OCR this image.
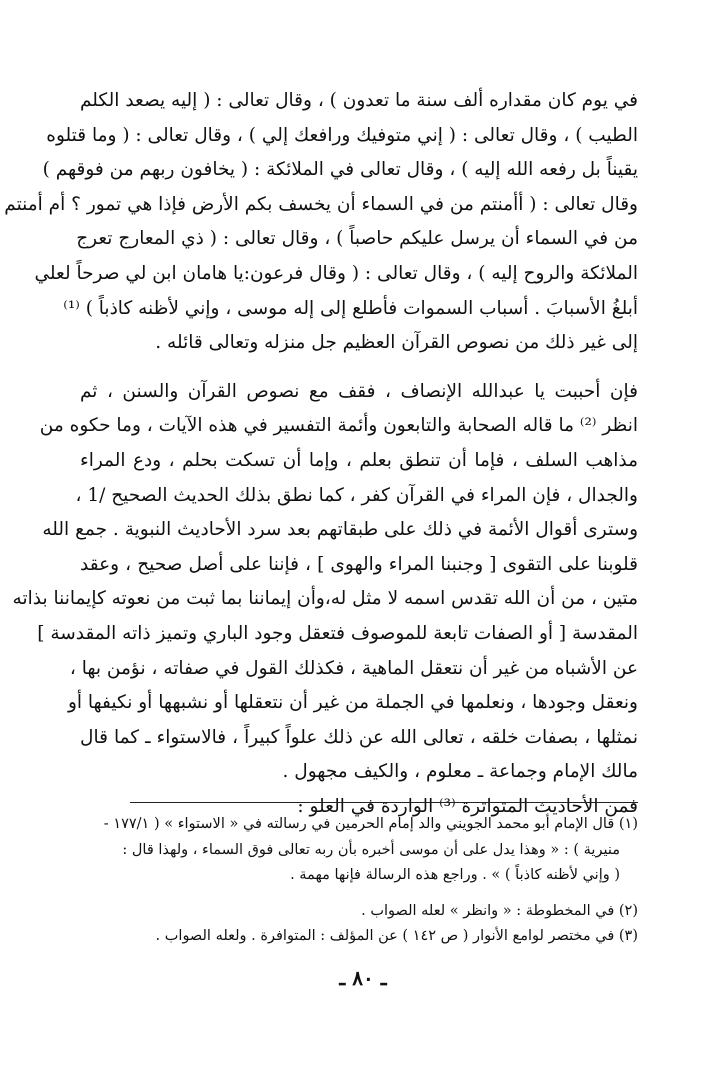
في يوم كان مقداره ألف سنة ما تعدون ) ، وقال تعالى : ( إليه يصعد الكلم
الطيب ) ، وقال تعالى : ( إني متوفيك ورافعك إلي ) ، وقال تعالى : ( وما قتلوه
يقيناً بل رفعه الله إليه ) ، وقال تعالى في الملائكة : ( يخافون ربهم من فوقهم )
وقال تعالى : ( أأمنتم من في السماء أن يخسف بكم الأرض فإذا هي تمور ؟ أم أمنتم
من في السماء أن يرسل عليكم حاصباً ) ، وقال تعالى : ( ذي المعارج تعرج
الملائكة والروح إليه ) ، وقال تعالى : ( وقال فرعون:يا هامان ابن لي صرحاً لعلي
أبلغُ الأسبابَ . أسباب السموات فأطلع إلى إله موسى ، وإني لأظنه كاذباً ) ⁽¹⁾
إلى غير ذلك من نصوص القرآن العظيم جل منزله وتعالى قائله .
فإن أحببت يا عبدالله الإنصاف ، فقف مع نصوص القرآن والسنن ، ثم
انظر ⁽²⁾ ما قاله الصحابة والتابعون وأئمة التفسير في هذه الآيات ، وما حكوه من
مذاهب السلف ، فإما أن تنطق بعلم ، وإما أن تسكت بحلم ، ودع المراء
والجدال ، فإن المراء في القرآن كفر ، كما نطق بذلك الحديث الصحيح /1 ،
وسترى أقوال الأئمة في ذلك على طبقاتهم بعد سرد الأحاديث النبوية . جمع الله
قلوبنا على التقوى [ وجنبنا المراء والهوى ] ، فإننا على أصل صحيح ، وعقد
متين ، من أن الله تقدس اسمه لا مثل له،وأن إيماننا بما ثبت من نعوته كإيماننا بذاته
المقدسة [ أو الصفات تابعة للموصوف فتعقل وجود الباري وتميز ذاته المقدسة ]
عن الأشباه من غير أن نتعقل الماهية ، فكذلك القول في صفاته ، نؤمن بها ،
ونعقل وجودها ، ونعلمها في الجملة من غير أن نتعقلها أو نشبهها أو نكيفها أو
نمثلها ، بصفات خلقه ، تعالى الله عن ذلك علواً كبيراً ، فالاستواء ـ كما قال
مالك الإمام وجماعة ـ معلوم ، والكيف مجهول .
فمن الأحاديث المتواترة ⁽³⁾ الواردة في العلو :
(١) قال الإمام أبو محمد الجويني والد إمام الحرمين في رسالته في « الاستواء » ( ١٧٧/١ -
منيرية ) : « وهذا يدل على أن موسى أخبره بأن ربه تعالى فوق السماء ، ولهذا قال :
( وإني لأظنه كاذباً ) » . وراجع هذه الرسالة فإنها مهمة .
(٢) في المخطوطة : « وانظر » لعله الصواب .
(٣) في مختصر لوامع الأنوار ( ص ١٤٢ ) عن المؤلف : المتوافرة . ولعله الصواب .
ـ ٨٠ ـ
